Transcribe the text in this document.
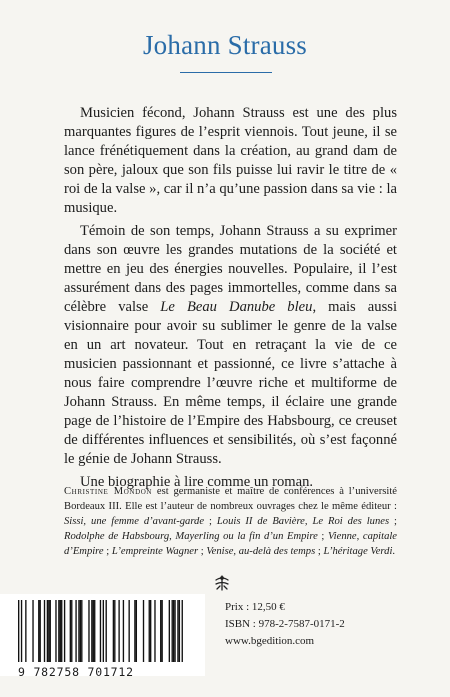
Johann Strauss

Musicien fécond, Johann Strauss est une des plus marquantes figures de l’esprit viennois. Tout jeune, il se lance frénétiquement dans la création, au grand dam de son père, jaloux que son fils puisse lui ravir le titre de « roi de la valse », car il n’a qu’une passion dans sa vie : la musique.

Témoin de son temps, Johann Strauss a su exprimer dans son œuvre les grandes mutations de la société et mettre en jeu des énergies nouvelles. Populaire, il l’est assurément dans des pages immortelles, comme dans sa célèbre valse Le Beau Danube bleu, mais aussi visionnaire pour avoir su sublimer le genre de la valse en un art novateur. Tout en retraçant la vie de ce musicien passionnant et passionné, ce livre s’attache à nous faire comprendre l’œuvre riche et multiforme de Johann Strauss. En même temps, il éclaire une grande page de l’histoire de l’Empire des Habsbourg, ce creuset de différentes influences et sensibilités, où s’est façonné le génie de Johann Strauss.

Une biographie à lire comme un roman.

Christine Mondon est germaniste et maître de conférences à l’université Bordeaux III. Elle est l’auteur de nombreux ouvrages chez le même éditeur : Sissi, une femme d’avant-garde ; Louis II de Bavière, Le Roi des lunes ; Rodolphe de Habsbourg, Mayerling ou la fin d’un Empire ; Vienne, capitale d’Empire ; L’empreinte Wagner ; Venise, au-delà des temps ; L’héritage Verdi.
9 782758 701712
Prix : 12,50 €
ISBN : 978-2-7587-0171-2
www.bgedition.com
